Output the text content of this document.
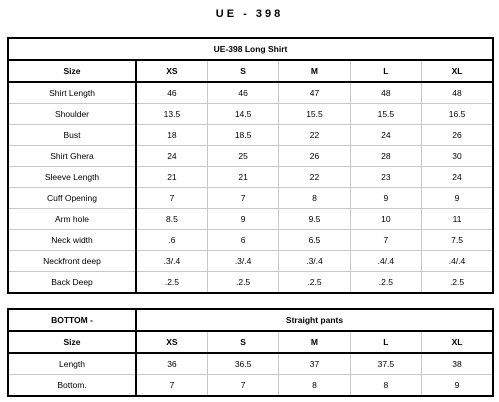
UE - 398
UE-398 Long Shirt					
Size	XS	S	M	L	XL
Shirt Length	46	46	47	48	48
Shoulder	13.5	14.5	15.5	15.5	16.5
Bust	18	18.5	22	24	26
Shirt Ghera	24	25	26	28	30
Sleeve Length	21	21	22	23	24
Cuff Opening	7	7	8	9	9
Arm hole	8.5	9	9.5	10	11
Neck width	.6	6	6.5	7	7.5
Neckfront deep	.3/.4	.3/.4	.3/.4	.4/.4	.4/.4
Back Deep	.2.5	.2.5	.2.5	.2.5	.2.5
BOTTOM -	Straight pants				
Size	XS	S	M	L	XL
Length	36	36.5	37	37.5	38
Bottom.	7	7	8	8	9
